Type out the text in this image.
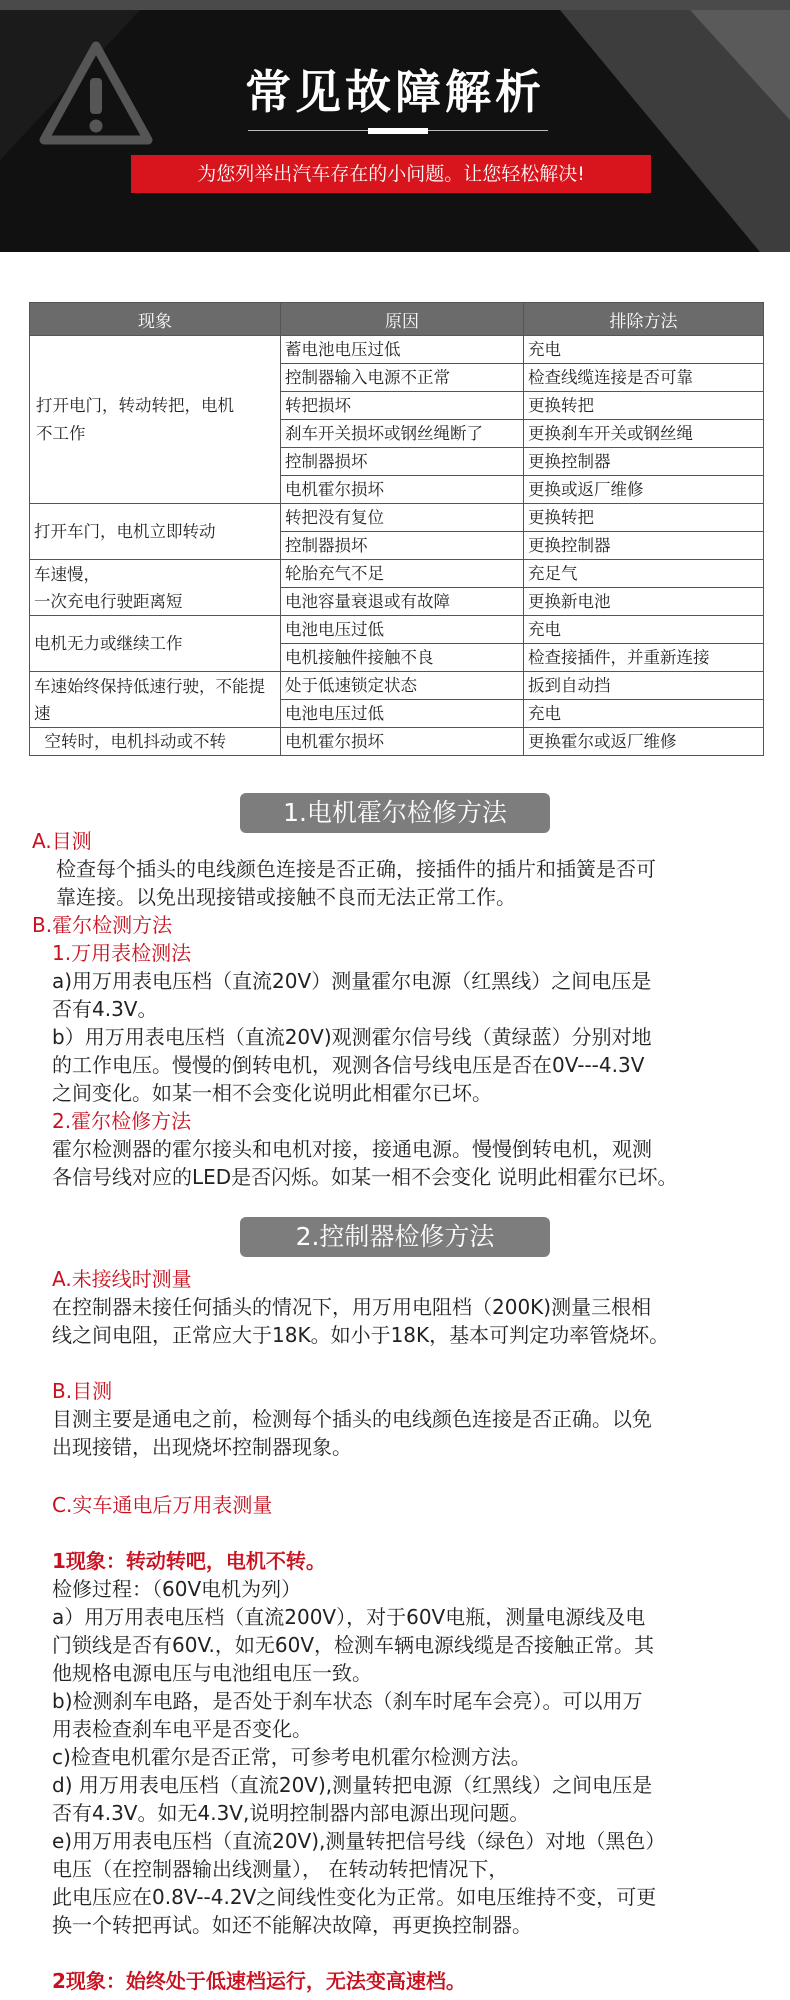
常见故障解析
为您列举出汽车存在的小问题。让您轻松解决!
现象	原因	排除方法

打开电门，转动转把，电机不工作	蓄电池电压过低	充电
	控制器输入电源不正常	检查线缆连接是否可靠
	转把损坏	更换转把
	刹车开关损坏或钢丝绳断了	更换刹车开关或钢丝绳
	控制器损坏	更换控制器
	电机霍尔损坏	更换或返厂维修
打开车门，电机立即转动	转把没有复位	更换转把
	控制器损坏	更换控制器
车速慢，
一次充电行驶距离短	轮胎充气不足	充足气
	电池容量衰退或有故障	更换新电池
电机无力或继续工作	电池电压过低	充电
	电机接触件接触不良	检查接插件，并重新连接

车速始终保持低速行驶，不能提速	处于低速锁定状态	扳到自动挡
	电池电压过低	充电
空转时，电机抖动或不转	电机霍尔损坏	更换霍尔或返厂维修
1.电机霍尔检修方法
A.目测
检查每个插头的电线颜色连接是否正确，接插件的插片和插簧是否可
靠连接。以免出现接错或接触不良而无法正常工作。
B.霍尔检测方法
1.万用表检测法
a)用万用表电压档（直流20V）测量霍尔电源（红黑线）之间电压是
否有4.3V。
b）用万用表电压档（直流20V)观测霍尔信号线（黄绿蓝）分别对地
的工作电压。慢慢的倒转电机，观测各信号线电压是否在0V---4.3V
之间变化。如某一相不会变化说明此相霍尔已坏。
2.霍尔检修方法
霍尔检测器的霍尔接头和电机对接，接通电源。慢慢倒转电机，观测
各信号线对应的LED是否闪烁。如某一相不会变化 说明此相霍尔已坏。
2.控制器检修方法
A.未接线时测量
在控制器未接任何插头的情况下，用万用电阻档（200K)测量三根相
线之间电阻，正常应大于18K。如小于18K，基本可判定功率管烧坏。
B.目测
目测主要是通电之前，检测每个插头的电线颜色连接是否正确。以免
出现接错，出现烧坏控制器现象。
C.实车通电后万用表测量
1现象：转动转吧，电机不转。
检修过程：（60V电机为列）
a）用万用表电压档（直流200V），对于60V电瓶，测量电源线及电
门锁线是否有60V.，如无60V，检测车辆电源线缆是否接触正常。其
他规格电源电压与电池组电压一致。
b)检测刹车电路，是否处于刹车状态（刹车时尾车会亮）。可以用万
用表检查刹车电平是否变化。
c)检查电机霍尔是否正常，可参考电机霍尔检测方法。
d) 用万用表电压档（直流20V),测量转把电源（红黑线）之间电压是
否有4.3V。如无4.3V,说明控制器内部电源出现问题。
e)用万用表电压档（直流20V),测量转把信号线（绿色）对地（黑色）
电压（在控制器输出线测量）， 在转动转把情况下，
此电压应在0.8V--4.2V之间线性变化为正常。如电压维持不变，可更
换一个转把再试。如还不能解决故障，再更换控制器。
2现象：始终处于低速档运行，无法变高速档。
